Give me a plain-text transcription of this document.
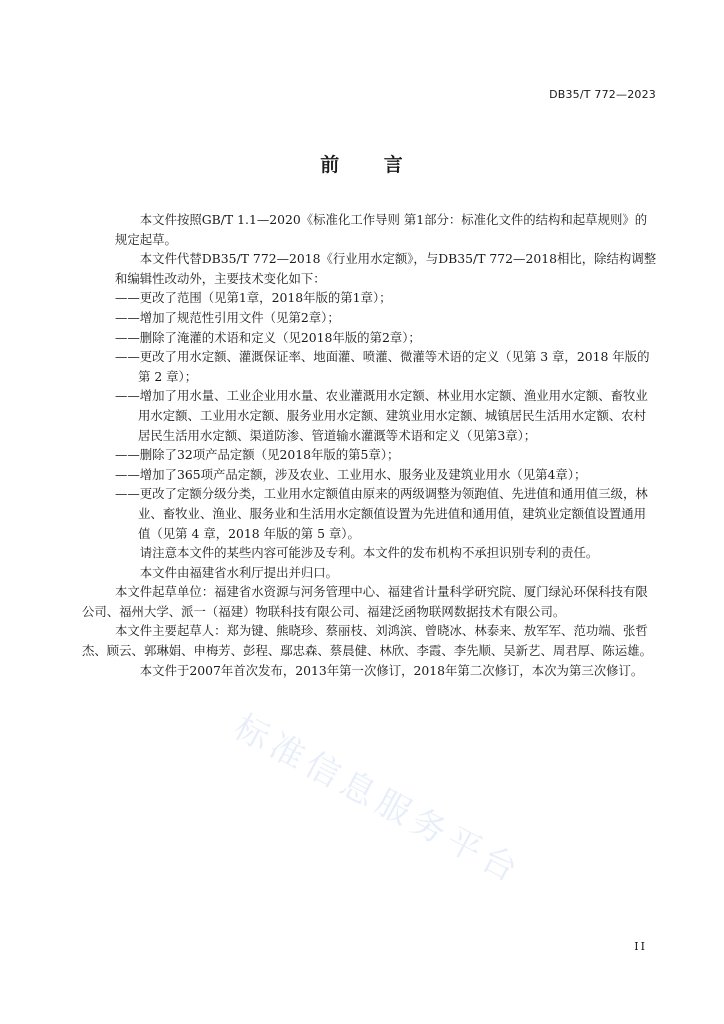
DB35/T 772—2023
前 言

本文件按照GB/T 1.1—2020《标准化工作导则 第1部分：标准化文件的结构和起草规则》的规定起草。

本文件代替DB35/T 772—2018《行业用水定额》，与DB35/T 772—2018相比，除结构调整和编辑性改动外，主要技术变化如下：

——更改了范围（见第1章，2018年版的第1章）；

——增加了规范性引用文件（见第2章）；

——删除了淹灌的术语和定义（见2018年版的第2章）；

——更改了用水定额、灌溉保证率、地面灌、喷灌、微灌等术语的定义（见第 3 章，2018 年版的第 2 章）；

——增加了用水量、工业企业用水量、农业灌溉用水定额、林业用水定额、渔业用水定额、畜牧业用水定额、工业用水定额、服务业用水定额、建筑业用水定额、城镇居民生活用水定额、农村居民生活用水定额、渠道防渗、管道输水灌溉等术语和定义（见第3章）；

——删除了32项产品定额（见2018年版的第5章）；

——增加了365项产品定额，涉及农业、工业用水、服务业及建筑业用水（见第4章）；

——更改了定额分级分类，工业用水定额值由原来的两级调整为领跑值、先进值和通用值三级，林业、畜牧业、渔业、服务业和生活用水定额值设置为先进值和通用值，建筑业定额值设置通用值（见第 4 章，2018 年版的第 5 章）。

请注意本文件的某些内容可能涉及专利。本文件的发布机构不承担识别专利的责任。

本文件由福建省水利厅提出并归口。

本文件起草单位：福建省水资源与河务管理中心、福建省计量科学研究院、厦门绿沁环保科技有限公司、福州大学、派一（福建）物联科技有限公司、福建泛函物联网数据技术有限公司。

本文件主要起草人：郑为键、熊晓珍、蔡丽枝、刘鸿滨、曾晓冰、林泰来、敖军军、范功端、张哲杰、顾云、郭琳娟、申梅芳、彭程、鄢忠森、蔡晨健、林欣、李霞、李先顺、吴新艺、周君厚、陈运雄。

本文件于2007年首次发布，2013年第一次修订，2018年第二次修订，本次为第三次修订。

标准信息服务平台
II
